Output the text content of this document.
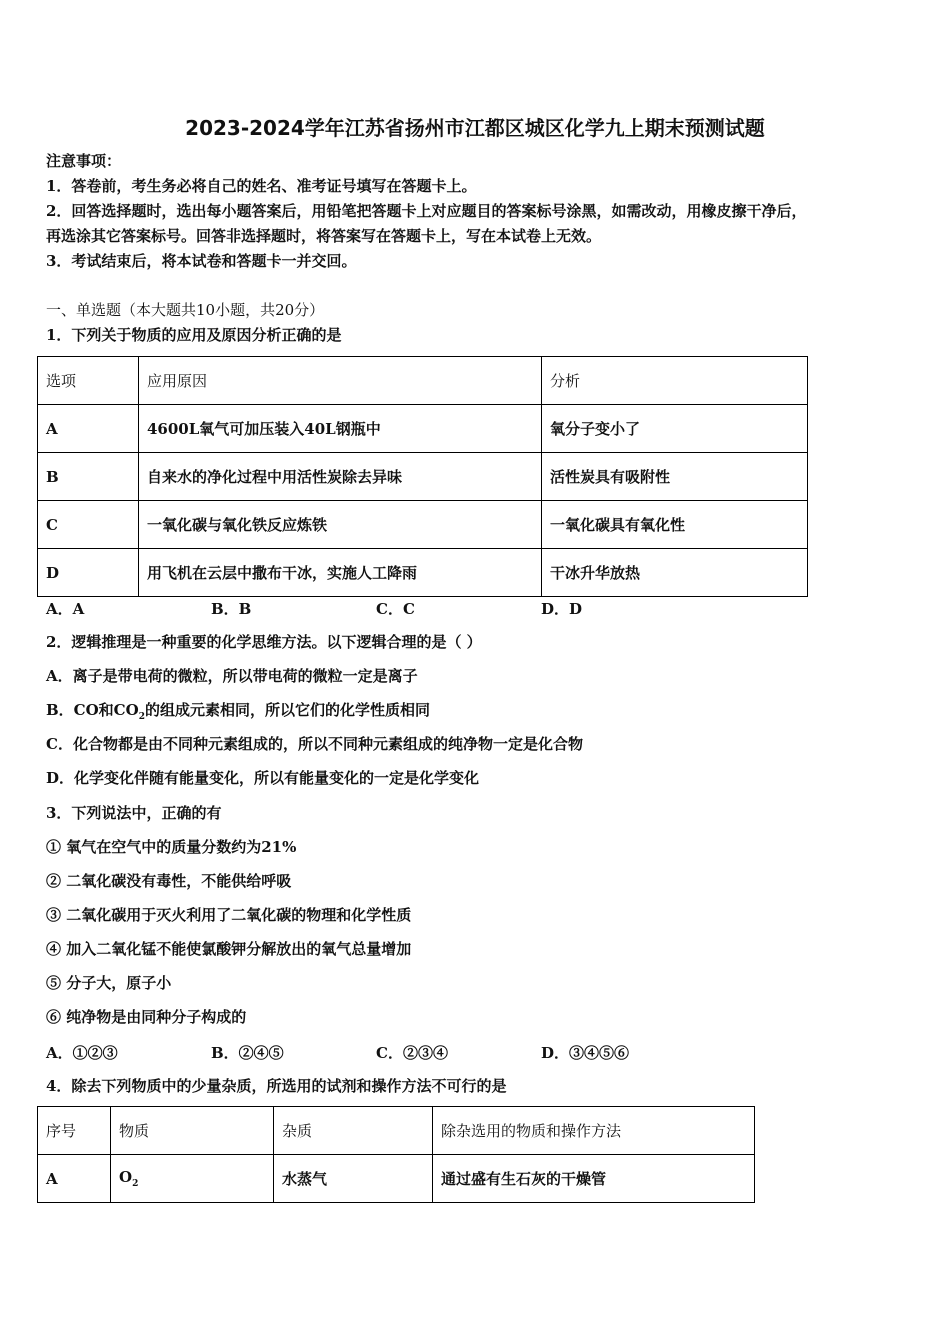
2023-2024学年江苏省扬州市江都区城区化学九上期末预测试题
注意事项：
1．答卷前，考生务必将自己的姓名、准考证号填写在答题卡上。
2．回答选择题时，选出每小题答案后，用铅笔把答题卡上对应题目的答案标号涂黑，如需改动，用橡皮擦干净后，
再选涂其它答案标号。回答非选择题时，将答案写在答题卡上，写在本试卷上无效。
3．考试结束后，将本试卷和答题卡一并交回。
一、单选题（本大题共10小题，共20分）
1．下列关于物质的应用及原因分析正确的是
选项	应用原因	分析
A	4600L氧气可加压装入40L钢瓶中	氧分子变小了
B	自来水的净化过程中用活性炭除去异味	活性炭具有吸附性
C	一氧化碳与氧化铁反应炼铁	一氧化碳具有氧化性
D	用飞机在云层中撒布干冰，实施人工降雨	干冰升华放热
A．A	B．B	C．C	D．D
2．逻辑推理是一种重要的化学思维方法。以下逻辑合理的是（ ）
A．离子是带电荷的微粒，所以带电荷的微粒一定是离子
B．CO和$CO_2$的组成元素相同，所以它们的化学性质相同
C．化合物都是由不同种元素组成的，所以不同种元素组成的纯净物一定是化合物
D．化学变化伴随有能量变化，所以有能量变化的一定是化学变化
3．下列说法中，正确的有
① 氧气在空气中的质量分数约为21%
② 二氧化碳没有毒性，不能供给呼吸
③ 二氧化碳用于灭火利用了二氧化碳的物理和化学性质
④ 加入二氧化锰不能使氯酸钾分解放出的氧气总量增加
⑤ 分子大，原子小
⑥ 纯净物是由同种分子构成的
A．①②③	B．②④⑤	C．②③④	D．③④⑤⑥
4．除去下列物质中的少量杂质，所选用的试剂和操作方法不可行的是
序号	物质	杂质	除杂选用的物质和操作方法
A	$O_2$	水蒸气	通过盛有生石灰的干燥管
